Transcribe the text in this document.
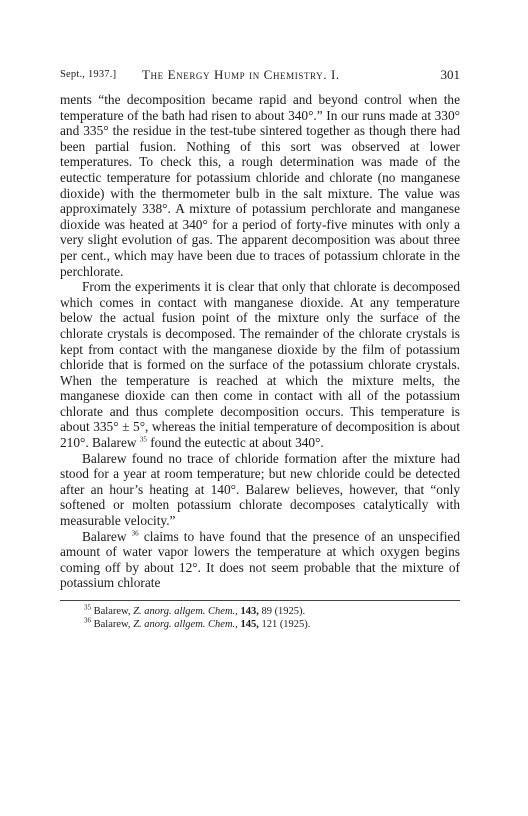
Sept., 1937.] The Energy Hump in Chemistry. I.	301

ments “the decomposition became rapid and beyond control when the temperature of the bath had risen to about 340°.” In our runs made at 330° and 335° the residue in the test-tube sintered together as though there had been partial fusion. Nothing of this sort was observed at lower temperatures. To check this, a rough determination was made of the eutectic temperature for potassium chloride and chlorate (no manganese dioxide) with the thermometer bulb in the salt mixture. The value was approximately 338°. A mixture of potassium perchlorate and manganese dioxide was heated at 340° for a period of forty-five minutes with only a very slight evolution of gas. The apparent decomposition was about three per cent., which may have been due to traces of potassium chlorate in the perchlorate.

From the experiments it is clear that only that chlorate is decomposed which comes in contact with manganese dioxide. At any temperature below the actual fusion point of the mixture only the surface of the chlorate crystals is decomposed. The remainder of the chlorate crystals is kept from contact with the manganese dioxide by the film of potassium chloride that is formed on the surface of the potassium chlorate crystals. When the temperature is reached at which the mixture melts, the manganese dioxide can then come in contact with all of the potassium chlorate and thus complete decomposition occurs. This temperature is about 335° ± 5°, whereas the initial temperature of decomposition is about 210°. Balarew $^{35}$ found the eutectic at about 340°.

Balarew found no trace of chloride formation after the mixture had stood for a year at room temperature; but new chloride could be detected after an hour’s heating at 140°. Balarew believes, however, that “only softened or molten potassium chlorate decomposes catalytically with measurable velocity.”

Balarew $^{36}$ claims to have found that the presence of an unspecified amount of water vapor lowers the temperature at which oxygen begins coming off by about 12°. It does not seem probable that the mixture of potassium chlorate

$^{35}$ Balarew, Z. anorg. allgem. Chem., 143, 89 (1925).

$^{36}$ Balarew, Z. anorg. allgem. Chem., 145, 121 (1925).
